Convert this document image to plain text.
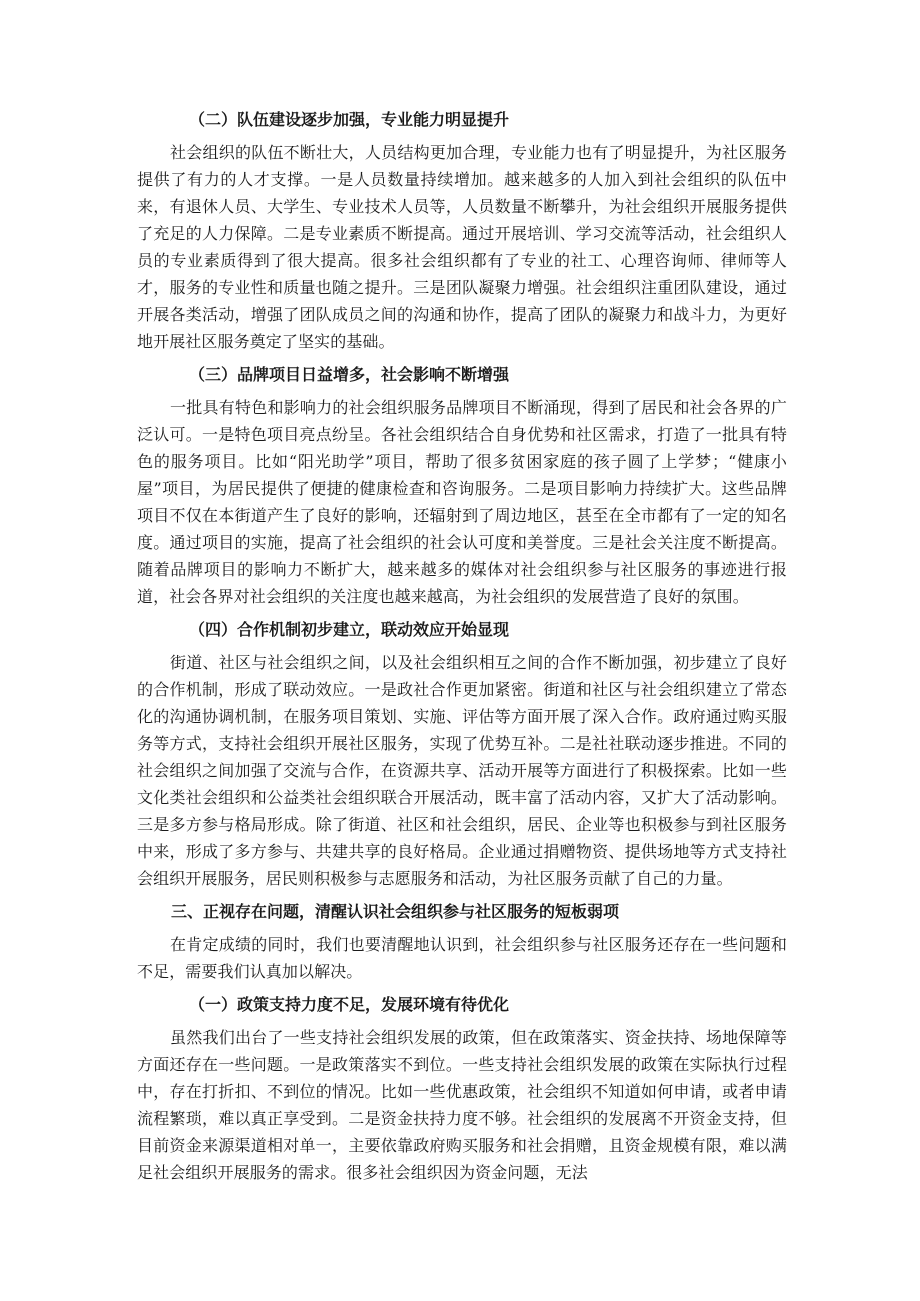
（二）队伍建设逐步加强，专业能力明显提升

社会组织的队伍不断壮大，人员结构更加合理，专业能力也有了明显提升，为社区服务提供了有力的人才支撑。一是人员数量持续增加。越来越多的人加入到社会组织的队伍中来，有退休人员、大学生、专业技术人员等，人员数量不断攀升，为社会组织开展服务提供了充足的人力保障。二是专业素质不断提高。通过开展培训、学习交流等活动，社会组织人员的专业素质得到了很大提高。很多社会组织都有了专业的社工、心理咨询师、律师等人才，服务的专业性和质量也随之提升。三是团队凝聚力增强。社会组织注重团队建设，通过开展各类活动，增强了团队成员之间的沟通和协作，提高了团队的凝聚力和战斗力，为更好地开展社区服务奠定了坚实的基础。

（三）品牌项目日益增多，社会影响不断增强

一批具有特色和影响力的社会组织服务品牌项目不断涌现，得到了居民和社会各界的广泛认可。一是特色项目亮点纷呈。各社会组织结合自身优势和社区需求，打造了一批具有特色的服务项目。比如“阳光助学”项目，帮助了很多贫困家庭的孩子圆了上学梦；“健康小屋”项目，为居民提供了便捷的健康检查和咨询服务。二是项目影响力持续扩大。这些品牌项目不仅在本街道产生了良好的影响，还辐射到了周边地区，甚至在全市都有了一定的知名度。通过项目的实施，提高了社会组织的社会认可度和美誉度。三是社会关注度不断提高。随着品牌项目的影响力不断扩大，越来越多的媒体对社会组织参与社区服务的事迹进行报道，社会各界对社会组织的关注度也越来越高，为社会组织的发展营造了良好的氛围。

（四）合作机制初步建立，联动效应开始显现

街道、社区与社会组织之间，以及社会组织相互之间的合作不断加强，初步建立了良好的合作机制，形成了联动效应。一是政社合作更加紧密。街道和社区与社会组织建立了常态化的沟通协调机制，在服务项目策划、实施、评估等方面开展了深入合作。政府通过购买服务等方式，支持社会组织开展社区服务，实现了优势互补。二是社社联动逐步推进。不同的社会组织之间加强了交流与合作，在资源共享、活动开展等方面进行了积极探索。比如一些文化类社会组织和公益类社会组织联合开展活动，既丰富了活动内容，又扩大了活动影响。三是多方参与格局形成。除了街道、社区和社会组织，居民、企业等也积极参与到社区服务中来，形成了多方参与、共建共享的良好格局。企业通过捐赠物资、提供场地等方式支持社会组织开展服务，居民则积极参与志愿服务和活动，为社区服务贡献了自己的力量。

三、正视存在问题，清醒认识社会组织参与社区服务的短板弱项

在肯定成绩的同时，我们也要清醒地认识到，社会组织参与社区服务还存在一些问题和不足，需要我们认真加以解决。

（一）政策支持力度不足，发展环境有待优化

虽然我们出台了一些支持社会组织发展的政策，但在政策落实、资金扶持、场地保障等方面还存在一些问题。一是政策落实不到位。一些支持社会组织发展的政策在实际执行过程中，存在打折扣、不到位的情况。比如一些优惠政策，社会组织不知道如何申请，或者申请流程繁琐，难以真正享受到。二是资金扶持力度不够。社会组织的发展离不开资金支持，但目前资金来源渠道相对单一，主要依靠政府购买服务和社会捐赠，且资金规模有限，难以满足社会组织开展服务的需求。很多社会组织因为资金问题，无法
